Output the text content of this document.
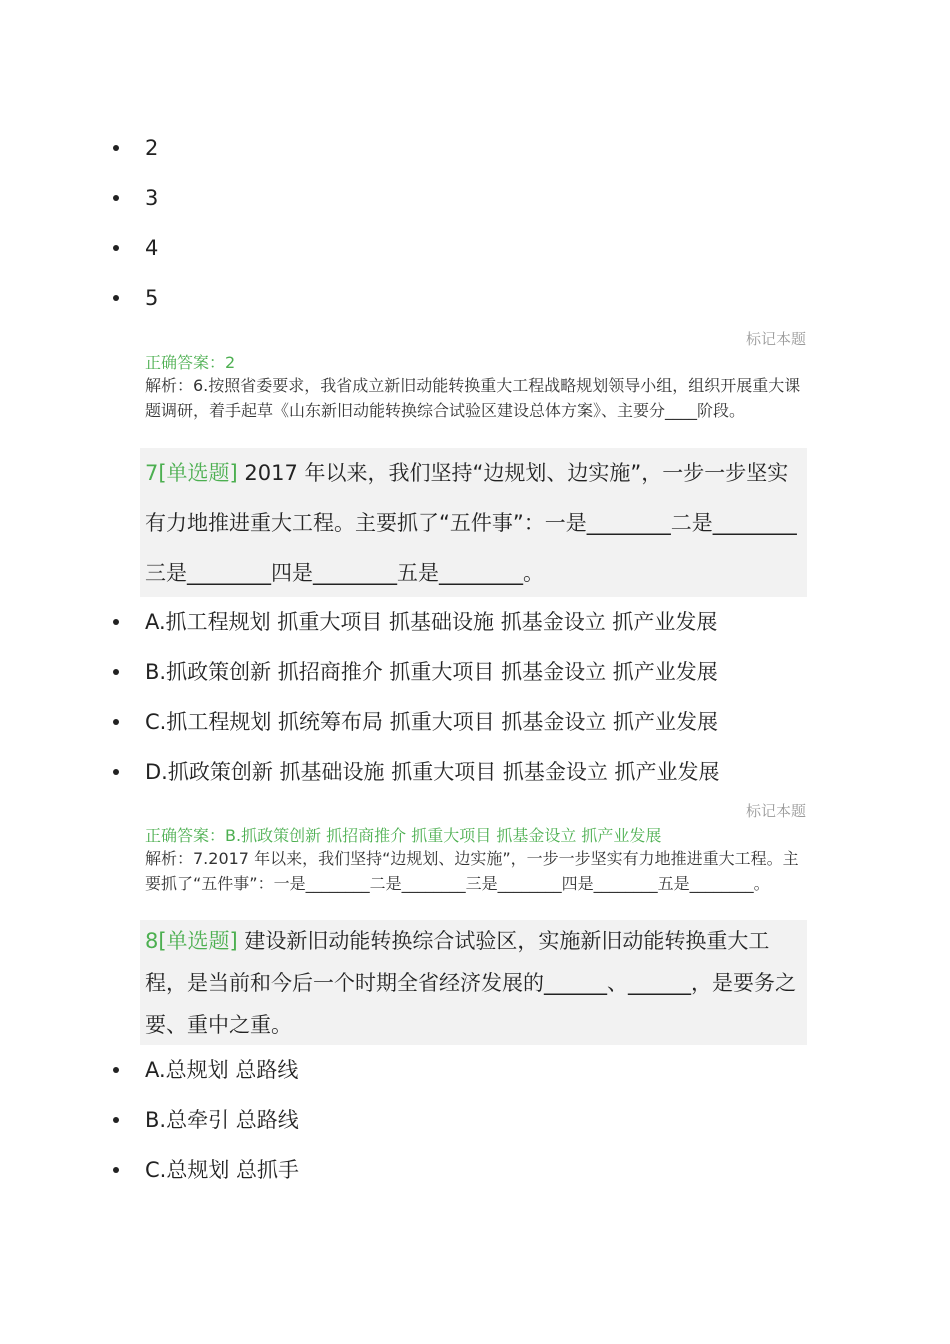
2
3
4
5
标记本题
正确答案：2
解析：6.按照省委要求，我省成立新旧动能转换重大工程战略规划领导小组，组织开展重大课题调研，着手起草《山东新旧动能转换综合试验区建设总体方案》、主要分____阶段。
7[单选题] 2017 年以来，我们坚持“边规划、边实施”，一步一步坚实有力地推进重大工程。主要抓了“五件事”：一是________二是________三是________四是________五是________。
A.抓工程规划 抓重大项目 抓基础设施 抓基金设立 抓产业发展
B.抓政策创新 抓招商推介 抓重大项目 抓基金设立 抓产业发展
C.抓工程规划 抓统筹布局 抓重大项目 抓基金设立 抓产业发展
D.抓政策创新 抓基础设施 抓重大项目 抓基金设立 抓产业发展
标记本题
正确答案：B.抓政策创新 抓招商推介 抓重大项目 抓基金设立 抓产业发展
解析：7.2017 年以来，我们坚持“边规划、边实施”，一步一步坚实有力地推进重大工程。主要抓了“五件事”：一是________二是________三是________四是________五是________。
8[单选题] 建设新旧动能转换综合试验区，实施新旧动能转换重大工程，是当前和今后一个时期全省经济发展的______、______，是要务之要、重中之重。
A.总规划 总路线
B.总牵引 总路线
C.总规划 总抓手
